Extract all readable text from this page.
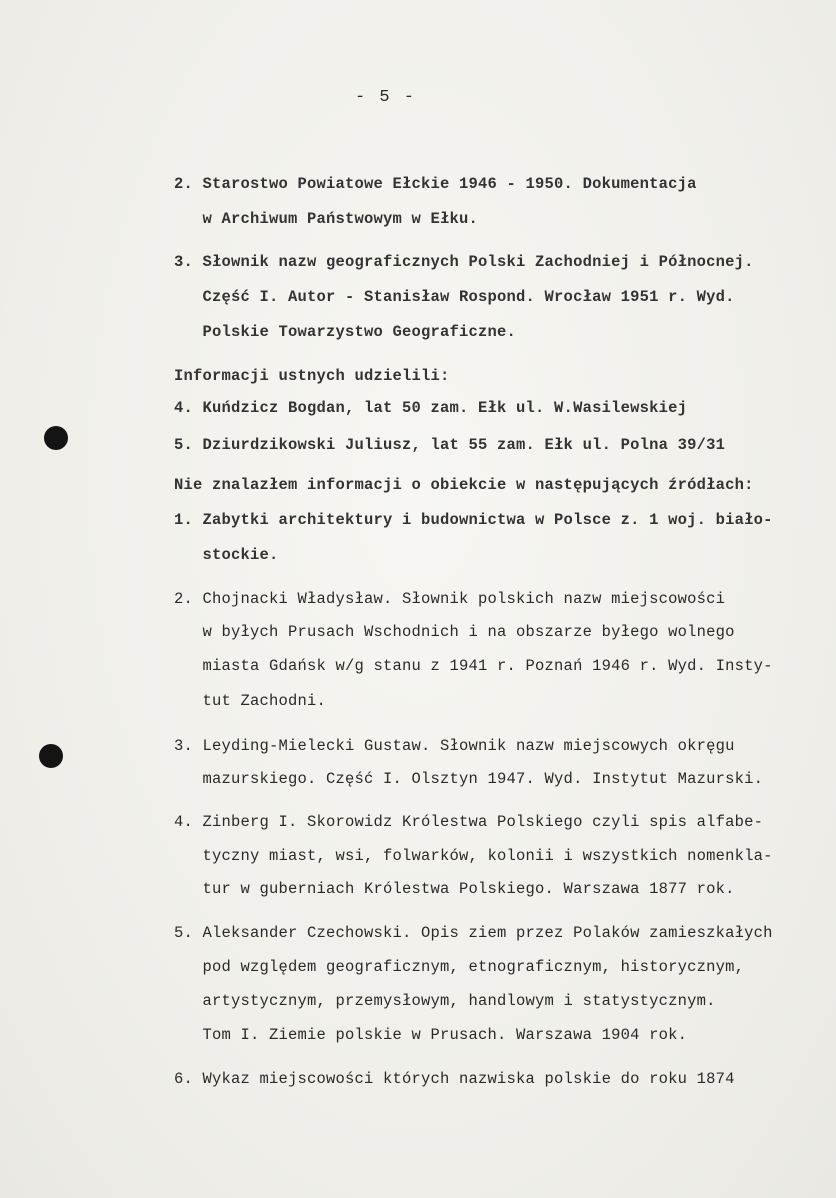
- 5 -
2. Starostwo Powiatowe Ełckie 1946 - 1950. Dokumentacja
w Archiwum Państwowym w Ełku.
3. Słownik nazw geograficznych Polski Zachodniej i Północnej.
Część I. Autor - Stanisław Rospond. Wrocław 1951 r. Wyd.
Polskie Towarzystwo Geograficzne.
Informacji ustnych udzielili:
4. Kuńdzicz Bogdan, lat 50 zam. Ełk ul. W.Wasilewskiej
5. Dziurdzikowski Juliusz, lat 55 zam. Ełk ul. Polna 39/31
Nie znalazłem informacji o obiekcie w następujących źródłach:
1. Zabytki architektury i budownictwa w Polsce z. 1 woj. biało-
stockie.
2. Chojnacki Władysław. Słownik polskich nazw miejscowości
w byłych Prusach Wschodnich i na obszarze byłego wolnego
miasta Gdańsk w/g stanu z 1941 r. Poznań 1946 r. Wyd. Insty-
tut Zachodni.
3. Leyding-Mielecki Gustaw. Słownik nazw miejscowych okręgu
mazurskiego. Część I. Olsztyn 1947. Wyd. Instytut Mazurski.
4. Zinberg I. Skorowidz Królestwa Polskiego czyli spis alfabe-
tyczny miast, wsi, folwarków, kolonii i wszystkich nomenkla-
tur w guberniach Królestwa Polskiego. Warszawa 1877 rok.
5. Aleksander Czechowski. Opis ziem przez Polaków zamieszkałych
pod względem geograficznym, etnograficznym, historycznym,
artystycznym, przemysłowym, handlowym i statystycznym.
Tom I. Ziemie polskie w Prusach. Warszawa 1904 rok.
6. Wykaz miejscowości których nazwiska polskie do roku 1874
